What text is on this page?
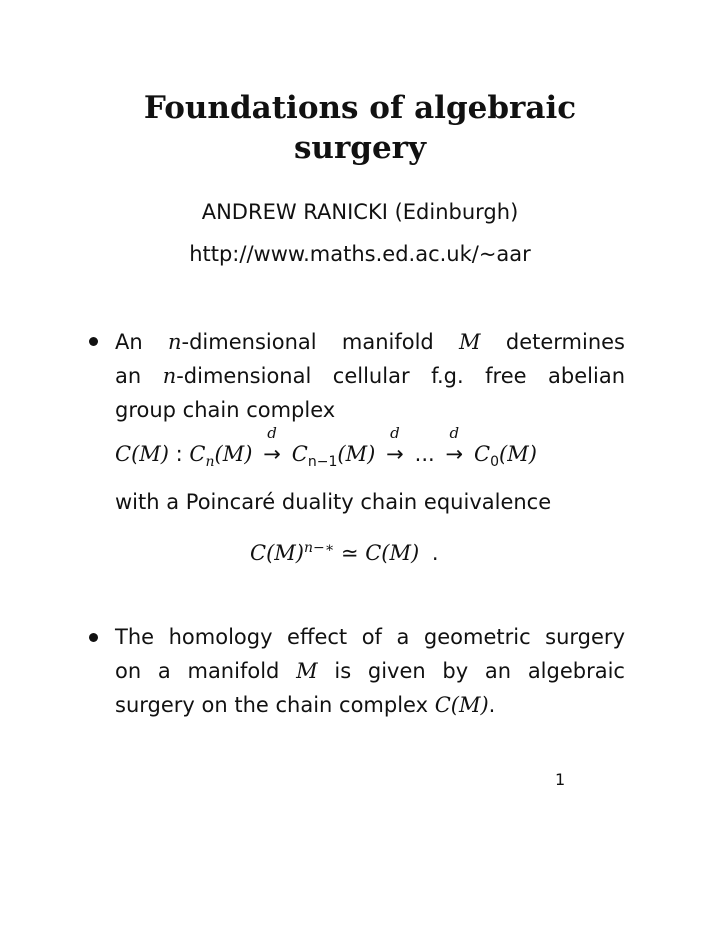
Foundations of algebraic
surgery
ANDREW RANICKI (Edinburgh)
http://www.maths.ed.ac.uk/~aar
An n-dimensional manifold M determines
an n-dimensional cellular f.g. free abelian
group chain complex
C(M) : $C_n(M)$
d
→ $C_{n-1}(M)$
d
→ ...
d
→ $C_0(M)$
with a Poincaré duality chain equivalence
$C(M)^{n-∗}$ ≃ C(M) .
The homology effect of a geometric surgery
on a manifold M is given by an algebraic
surgery on the chain complex C(M).
1
